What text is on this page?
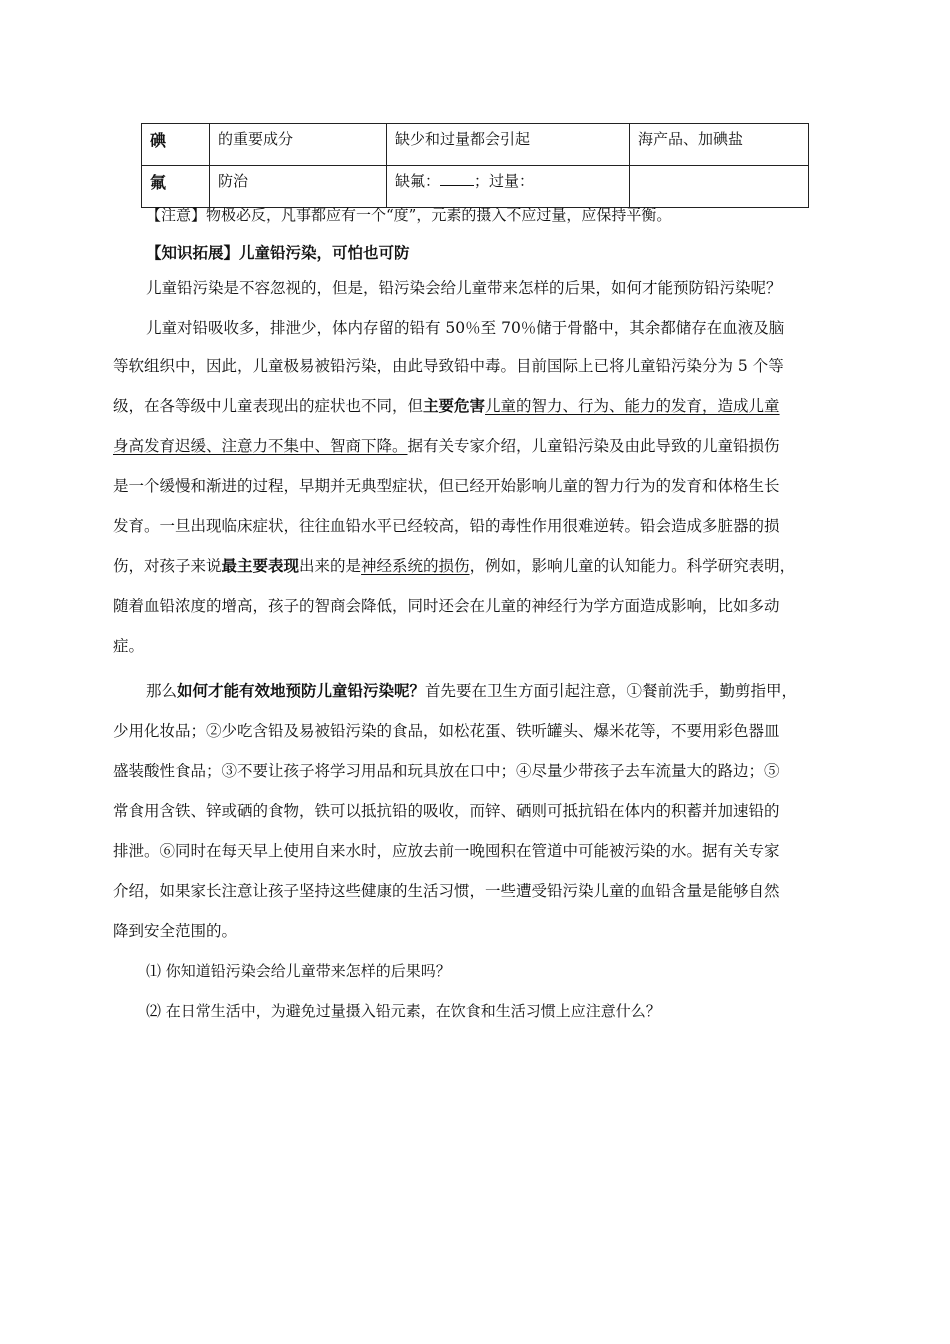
碘	的重要成分	缺少和过量都会引起	海产品、加碘盐
氟	防治	缺氟： ；过量：	
【注意】物极必反，凡事都应有一个“度”，元素的摄入不应过量，应保持平衡。
【知识拓展】儿童铅污染，可怕也可防
儿童铅污染是不容忽视的，但是，铅污染会给儿童带来怎样的后果，如何才能预防铅污染呢？
儿童对铅吸收多，排泄少，体内存留的铅有 50％至 70％储于骨骼中，其余都储存在血液及脑
等软组织中，因此，儿童极易被铅污染，由此导致铅中毒。目前国际上已将儿童铅污染分为 5 个等
级，在各等级中儿童表现出的症状也不同，但主要危害儿童的智力、行为、能力的发育，造成儿童
身高发育迟缓、注意力不集中、智商下降。据有关专家介绍，儿童铅污染及由此导致的儿童铅损伤
是一个缓慢和渐进的过程，早期并无典型症状，但已经开始影响儿童的智力行为的发育和体格生长
发育。一旦出现临床症状，往往血铅水平已经较高，铅的毒性作用很难逆转。铅会造成多脏器的损
伤，对孩子来说最主要表现出来的是神经系统的损伤，例如，影响儿童的认知能力。科学研究表明，
随着血铅浓度的增高，孩子的智商会降低，同时还会在儿童的神经行为学方面造成影响，比如多动
症。
那么如何才能有效地预防儿童铅污染呢？首先要在卫生方面引起注意，①餐前洗手，勤剪指甲，
少用化妆品；②少吃含铅及易被铅污染的食品，如松花蛋、铁听罐头、爆米花等，不要用彩色器皿
盛装酸性食品；③不要让孩子将学习用品和玩具放在口中；④尽量少带孩子去车流量大的路边；⑤
常食用含铁、锌或硒的食物，铁可以抵抗铅的吸收，而锌、硒则可抵抗铅在体内的积蓄并加速铅的
排泄。⑥同时在每天早上使用自来水时，应放去前一晚囤积在管道中可能被污染的水。据有关专家
介绍，如果家长注意让孩子坚持这些健康的生活习惯，一些遭受铅污染儿童的血铅含量是能够自然
降到安全范围的。
⑴ 你知道铅污染会给儿童带来怎样的后果吗？
⑵ 在日常生活中，为避免过量摄入铅元素，在饮食和生活习惯上应注意什么？
